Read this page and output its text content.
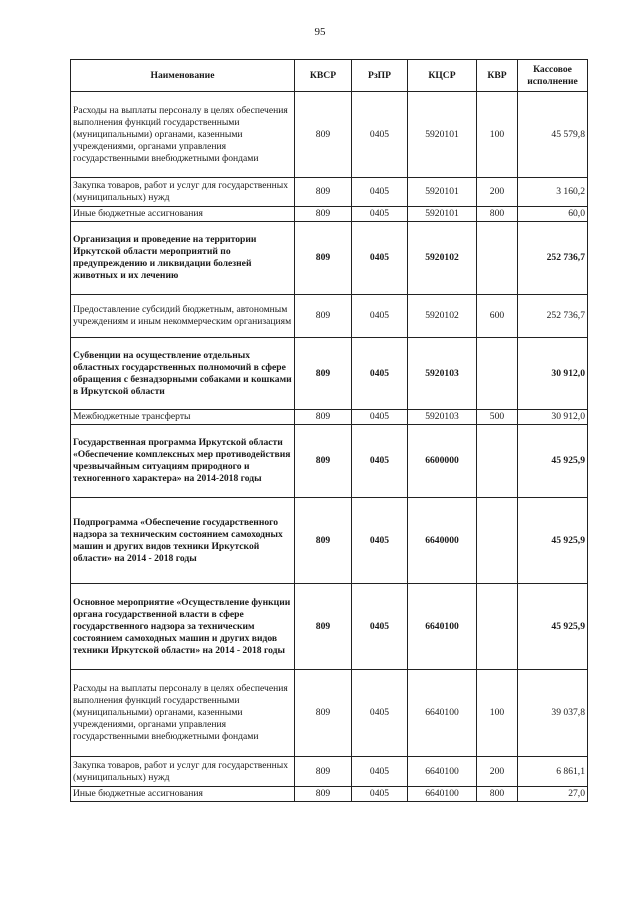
95
Наименование	КВСР	РзПР	КЦСР	КВР	Кассовое исполнение
Расходы на выплаты персоналу в целях обеспечения выполнения функций государственными (муниципальными) органами, казенными учреждениями, органами управления государственными внебюджетными фондами	809	0405	5920101	100	45 579,8
Закупка товаров, работ и услуг для государственных (муниципальных) нужд	809	0405	5920101	200	3 160,2
Иные бюджетные ассигнования	809	0405	5920101	800	60,0
Организация и проведение на территории Иркутской области мероприятий по предупреждению и ликвидации болезней животных и их лечению	809	0405	5920102		252 736,7
Предоставление субсидий бюджетным, автономным учреждениям и иным некоммерческим организациям	809	0405	5920102	600	252 736,7
Субвенции на осуществление отдельных областных государственных полномочий в сфере обращения с безнадзорными собаками и кошками в Иркутской области	809	0405	5920103		30 912,0
Межбюджетные трансферты	809	0405	5920103	500	30 912,0
Государственная программа Иркутской области «Обеспечение комплексных мер противодействия чрезвычайным ситуациям природного и техногенного характера» на 2014-2018 годы	809	0405	6600000		45 925,9
Подпрограмма «Обеспечение государственного надзора за техническим состоянием самоходных машин и других видов техники Иркутской области» на 2014 - 2018 годы	809	0405	6640000		45 925,9
Основное мероприятие «Осуществление функции органа государственной власти в сфере государственного надзора за техническим состоянием самоходных машин и других видов техники Иркутской области» на 2014 - 2018 годы	809	0405	6640100		45 925,9
Расходы на выплаты персоналу в целях обеспечения выполнения функций государственными (муниципальными) органами, казенными учреждениями, органами управления государственными внебюджетными фондами	809	0405	6640100	100	39 037,8
Закупка товаров, работ и услуг для государственных (муниципальных) нужд	809	0405	6640100	200	6 861,1
Иные бюджетные ассигнования	809	0405	6640100	800	27,0
